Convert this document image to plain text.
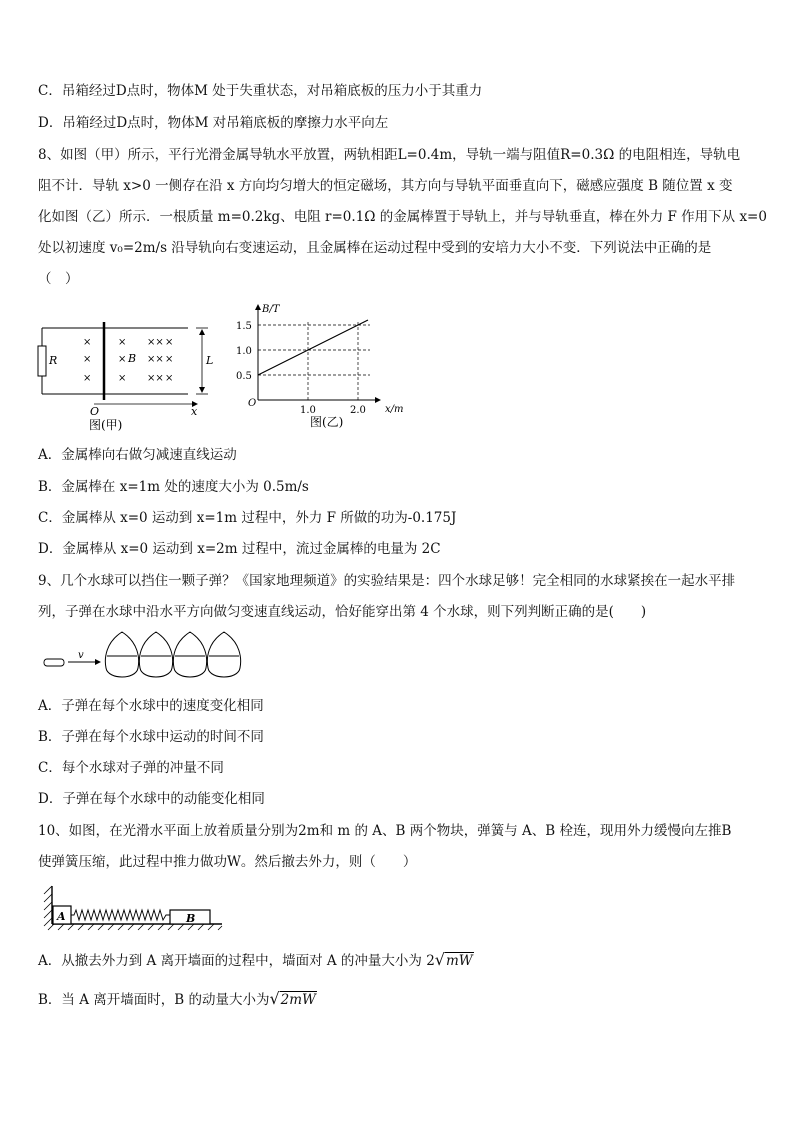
C．吊箱经过D点时，物体M 处于失重状态，对吊箱底板的压力小于其重力
D．吊箱经过D点时，物体M 对吊箱底板的摩擦力水平向左
8、如图（甲）所示，平行光滑金属导轨水平放置，两轨相距L=0.4m，导轨一端与阻值R=0.3Ω 的电阻相连，导轨电
阻不计．导轨 x>0 一侧存在沿 x 方向均匀增大的恒定磁场，其方向与导轨平面垂直向下，磁感应强度 B 随位置 x 变
化如图（乙）所示．一根质量 m=0.2kg、电阻 r=0.1Ω 的金属棒置于导轨上，并与导轨垂直，棒在外力 F 作用下从 x=0
处以初速度 v₀=2m/s 沿导轨向右变速运动，且金属棒在运动过程中受到的安培力大小不变．下列说法中正确的是
（　）
R
×
×
×
× ×× ×
× ×× ×
× ×× ×
B	L
O	x
图(甲)
B/T
x/m
O
0.5
1.0
1.5
1.0	2.0
图(乙)
A．金属棒向右做匀减速直线运动
B．金属棒在 x=1m 处的速度大小为 0.5m/s
C．金属棒从 x=0 运动到 x=1m 过程中，外力 F 所做的功为-0.175J
D．金属棒从 x=0 运动到 x=2m 过程中，流过金属棒的电量为 2C
9、几个水球可以挡住一颗子弹？《国家地理频道》的实验结果是：四个水球足够！完全相同的水球紧挨在一起水平排
列，子弹在水球中沿水平方向做匀变速直线运动，恰好能穿出第 4 个水球，则下列判断正确的是(　　)
v
A．子弹在每个水球中的速度变化相同
B．子弹在每个水球中运动的时间不同
C．每个水球对子弹的冲量不同
D．子弹在每个水球中的动能变化相同
10、如图，在光滑水平面上放着质量分别为2m和 m 的 A、B 两个物块，弹簧与 A、B 栓连，现用外力缓慢向左推B
使弹簧压缩，此过程中推力做功W。然后撤去外力，则（　　）
A	B
A．从撤去外力到 A 离开墙面的过程中，墙面对 A 的冲量大小为 2√mW
B．当 A 离开墙面时，B 的动量大小为√2mW
